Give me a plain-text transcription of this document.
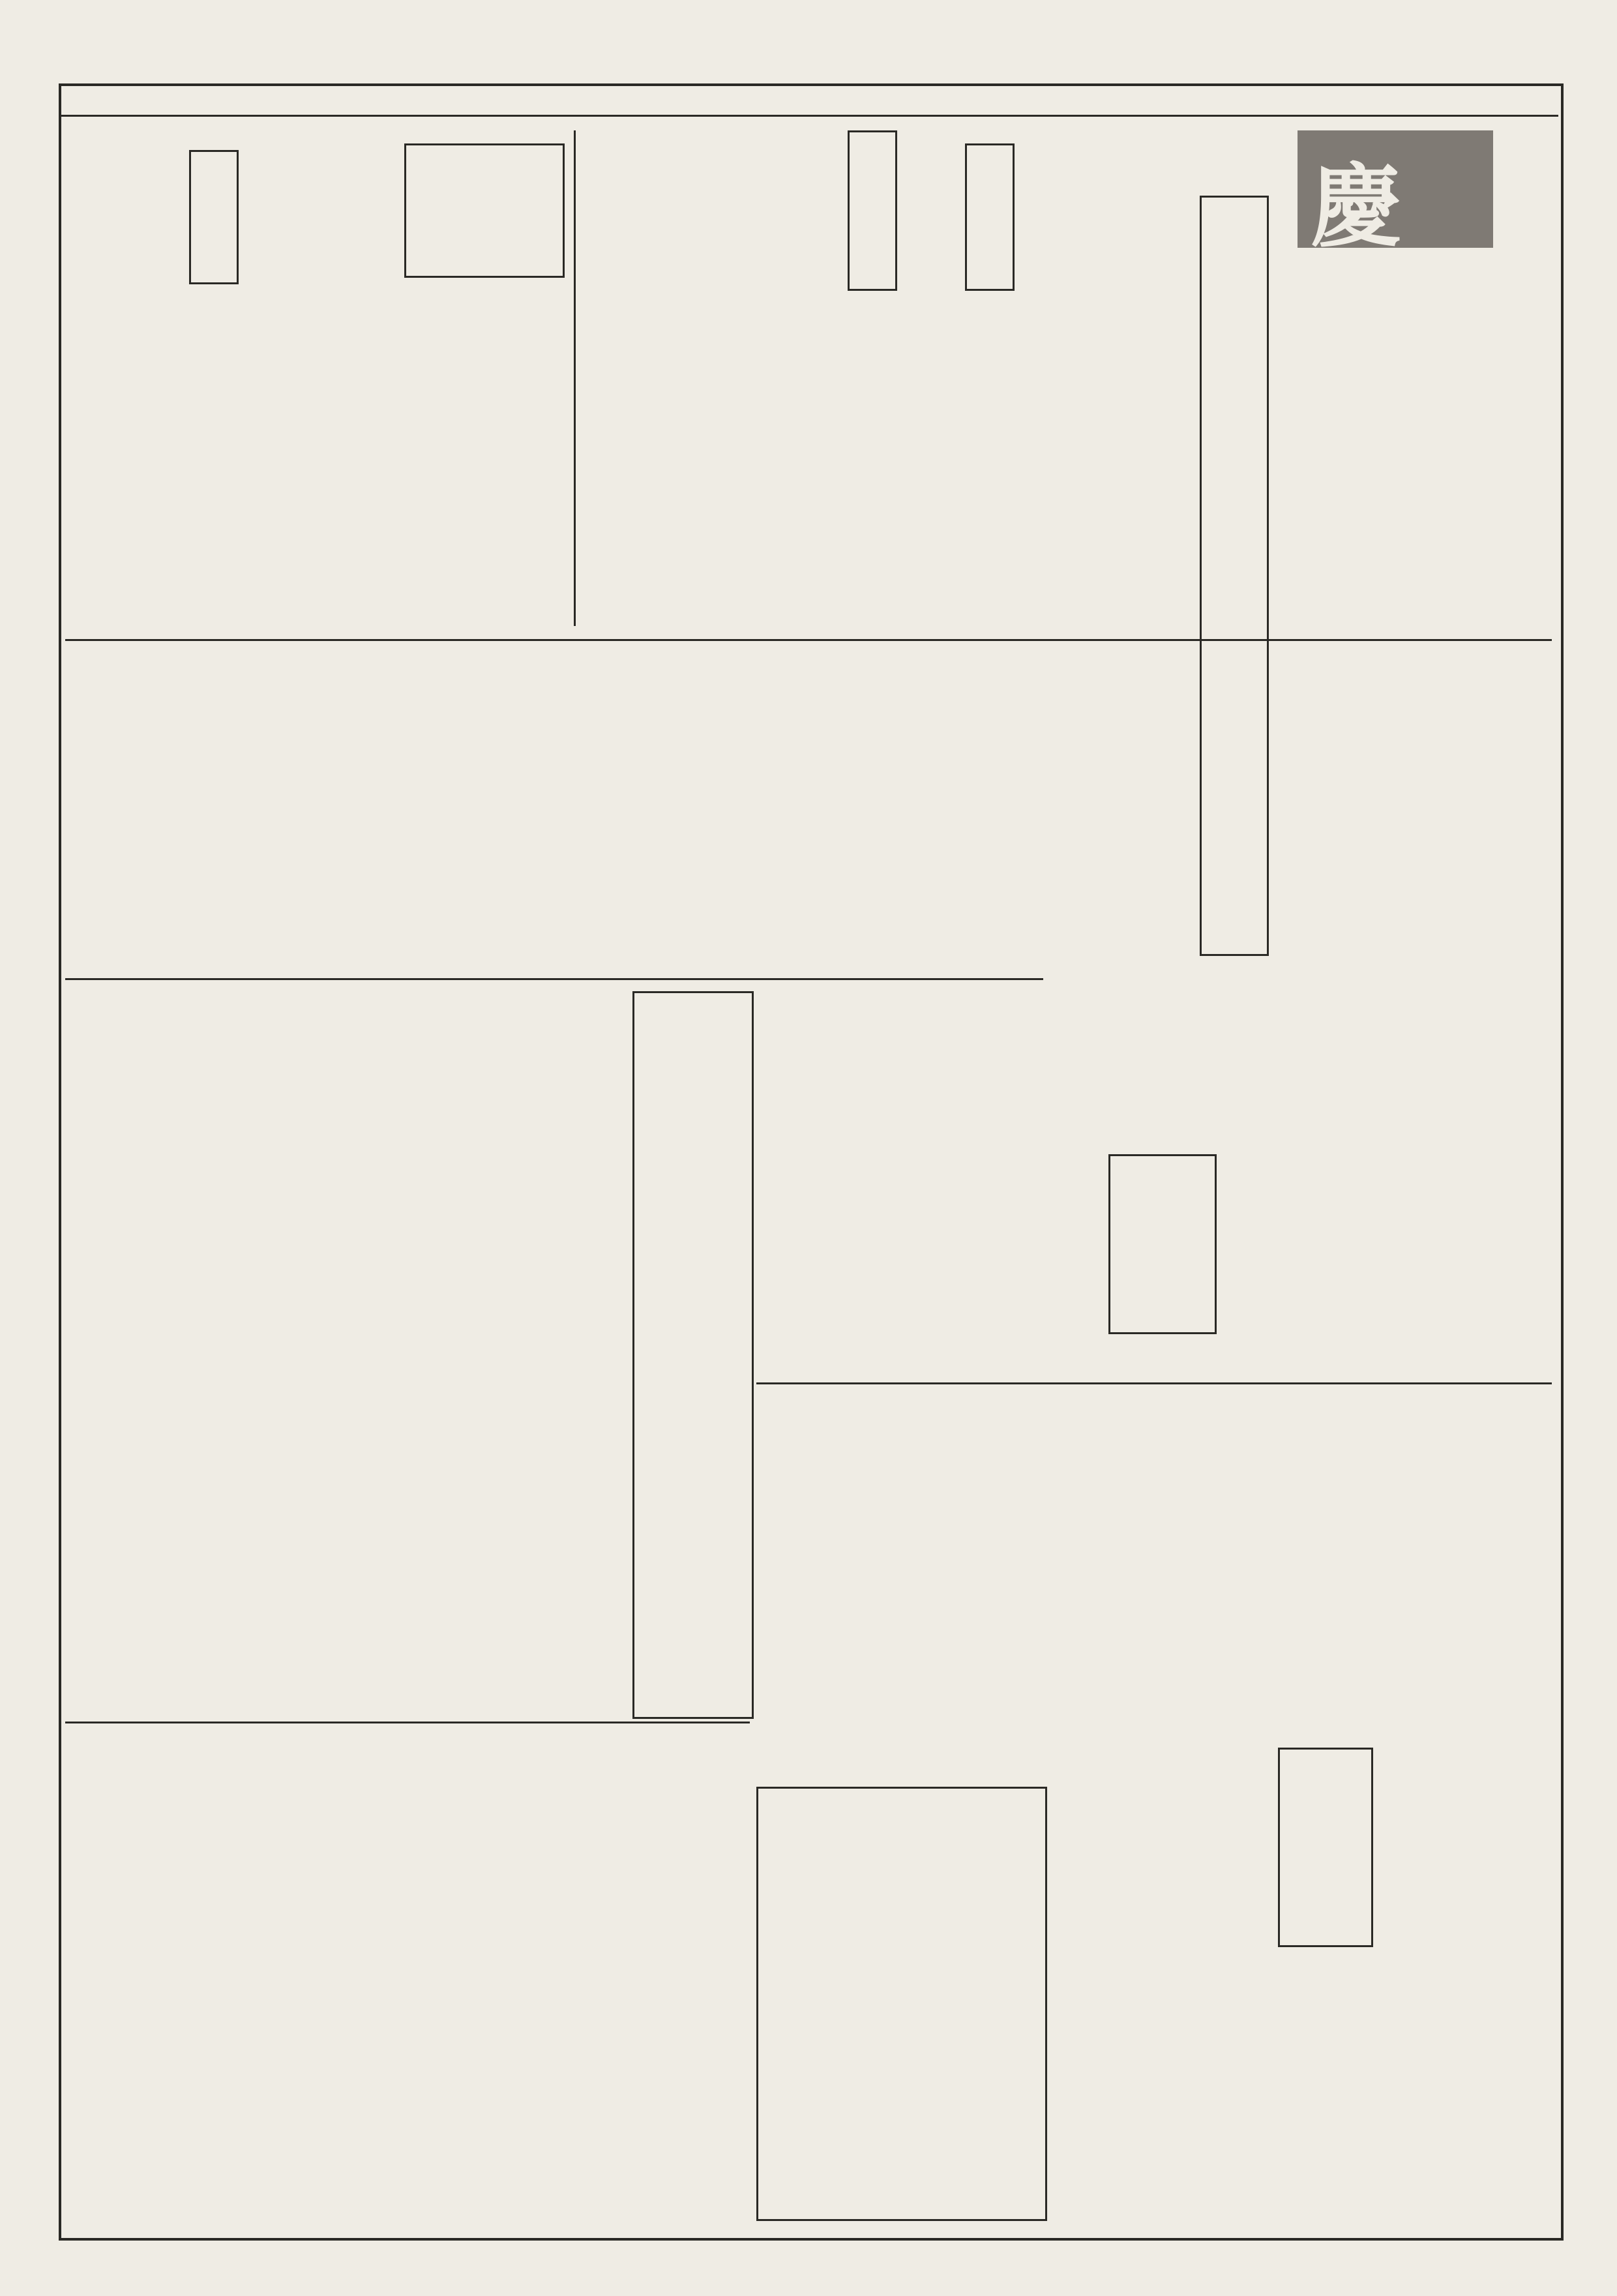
慶
